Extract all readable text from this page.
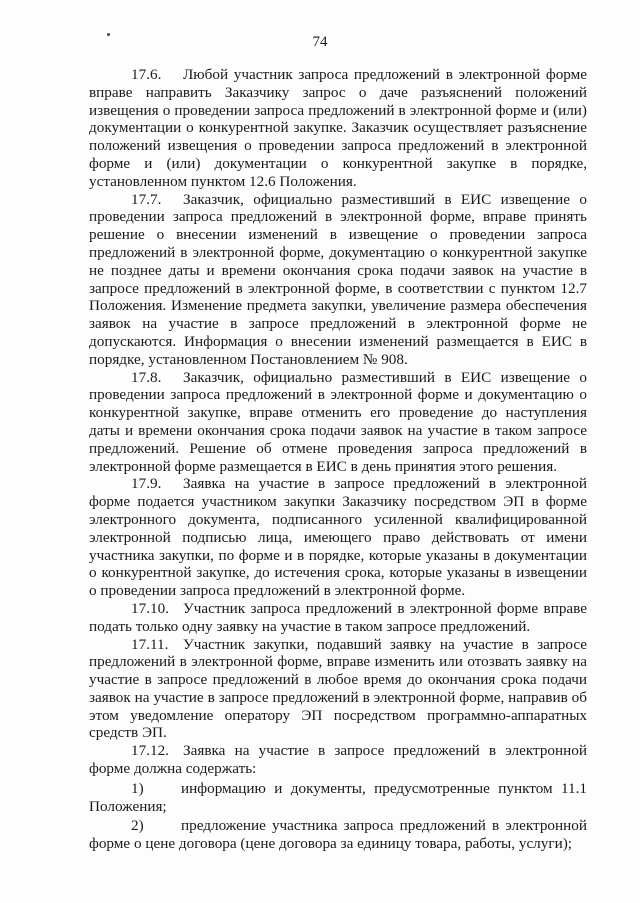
74

17.6. Любой участник запроса предложений в электронной форме вправе направить Заказчику запрос о даче разъяснений положений извещения о проведении запроса предложений в электронной форме и (или) документации о конкурентной закупке. Заказчик осуществляет разъяснение положений извещения о проведении запроса предложений в электронной форме и (или) документации о конкурентной закупке в порядке, установленном пунктом 12.6 Положения.

17.7. Заказчик, официально разместивший в ЕИС извещение о проведении запроса предложений в электронной форме, вправе принять решение о внесении изменений в извещение о проведении запроса предложений в электронной форме, документацию о конкурентной закупке не позднее даты и времени окончания срока подачи заявок на участие в запросе предложений в электронной форме, в соответствии с пунктом 12.7 Положения. Изменение предмета закупки, увеличение размера обеспечения заявок на участие в запросе предложений в электронной форме не допускаются. Информация о внесении изменений размещается в ЕИС в порядке, установленном Постановлением № 908.

17.8. Заказчик, официально разместивший в ЕИС извещение о проведении запроса предложений в электронной форме и документацию о конкурентной закупке, вправе отменить его проведение до наступления даты и времени окончания срока подачи заявок на участие в таком запросе предложений. Решение об отмене проведения запроса предложений в электронной форме размещается в ЕИС в день принятия этого решения.

17.9. Заявка на участие в запросе предложений в электронной форме подается участником закупки Заказчику посредством ЭП в форме электронного документа, подписанного усиленной квалифицированной электронной подписью лица, имеющего право действовать от имени участника закупки, по форме и в порядке, которые указаны в документации о конкурентной закупке, до истечения срока, которые указаны в извещении о проведении запроса предложений в электронной форме.

17.10. Участник запроса предложений в электронной форме вправе подать только одну заявку на участие в таком запросе предложений.

17.11. Участник закупки, подавший заявку на участие в запросе предложений в электронной форме, вправе изменить или отозвать заявку на участие в запросе предложений в любое время до окончания срока подачи заявок на участие в запросе предложений в электронной форме, направив об этом уведомление оператору ЭП посредством программно-аппаратных средств ЭП.

17.12. Заявка на участие в запросе предложений в электронной форме должна содержать:

1) информацию и документы, предусмотренные пунктом 11.1 Положения;

2) предложение участника запроса предложений в электронной форме о цене договора (цене договора за единицу товара, работы, услуги);
